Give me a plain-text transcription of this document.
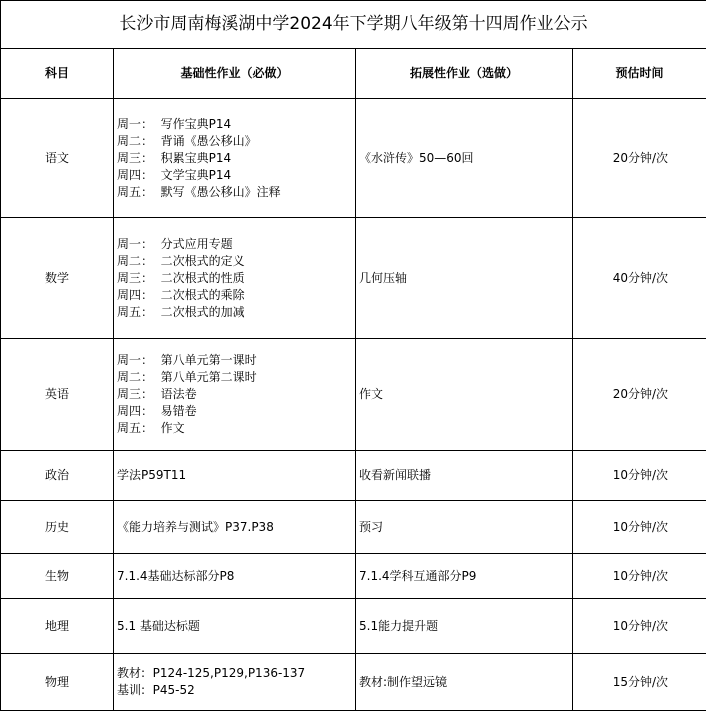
长沙市周南梅溪湖中学2024年下学期八年级第十四周作业公示			
科目	基础性作业（必做）	拓展性作业（选做）	预估时间
语文	周一：  写作宝典P14
周二：  背诵《愚公移山》
周三：  积累宝典P14
周四：  文学宝典P14
周五：  默写《愚公移山》注释	《水浒传》50—60回	20分钟/次
数学	周一：  分式应用专题
周二：  二次根式的定义
周三：  二次根式的性质
周四：  二次根式的乘除
周五：  二次根式的加减	几何压轴	40分钟/次
英语	周一：  第八单元第一课时
周二：  第八单元第二课时
周三：  语法卷
周四：  易错卷
周五：  作文	作文	20分钟/次
政治	学法P59T11	收看新闻联播	10分钟/次
历史	《能力培养与测试》P37.P38	预习	10分钟/次
生物	7.1.4基础达标部分P8	7.1.4学科互通部分P9	10分钟/次
地理	5.1 基础达标题	5.1能力提升题	10分钟/次
物理	教材:  P124-125,P129,P136-137
基训:  P45-52	教材:制作望远镜	15分钟/次
